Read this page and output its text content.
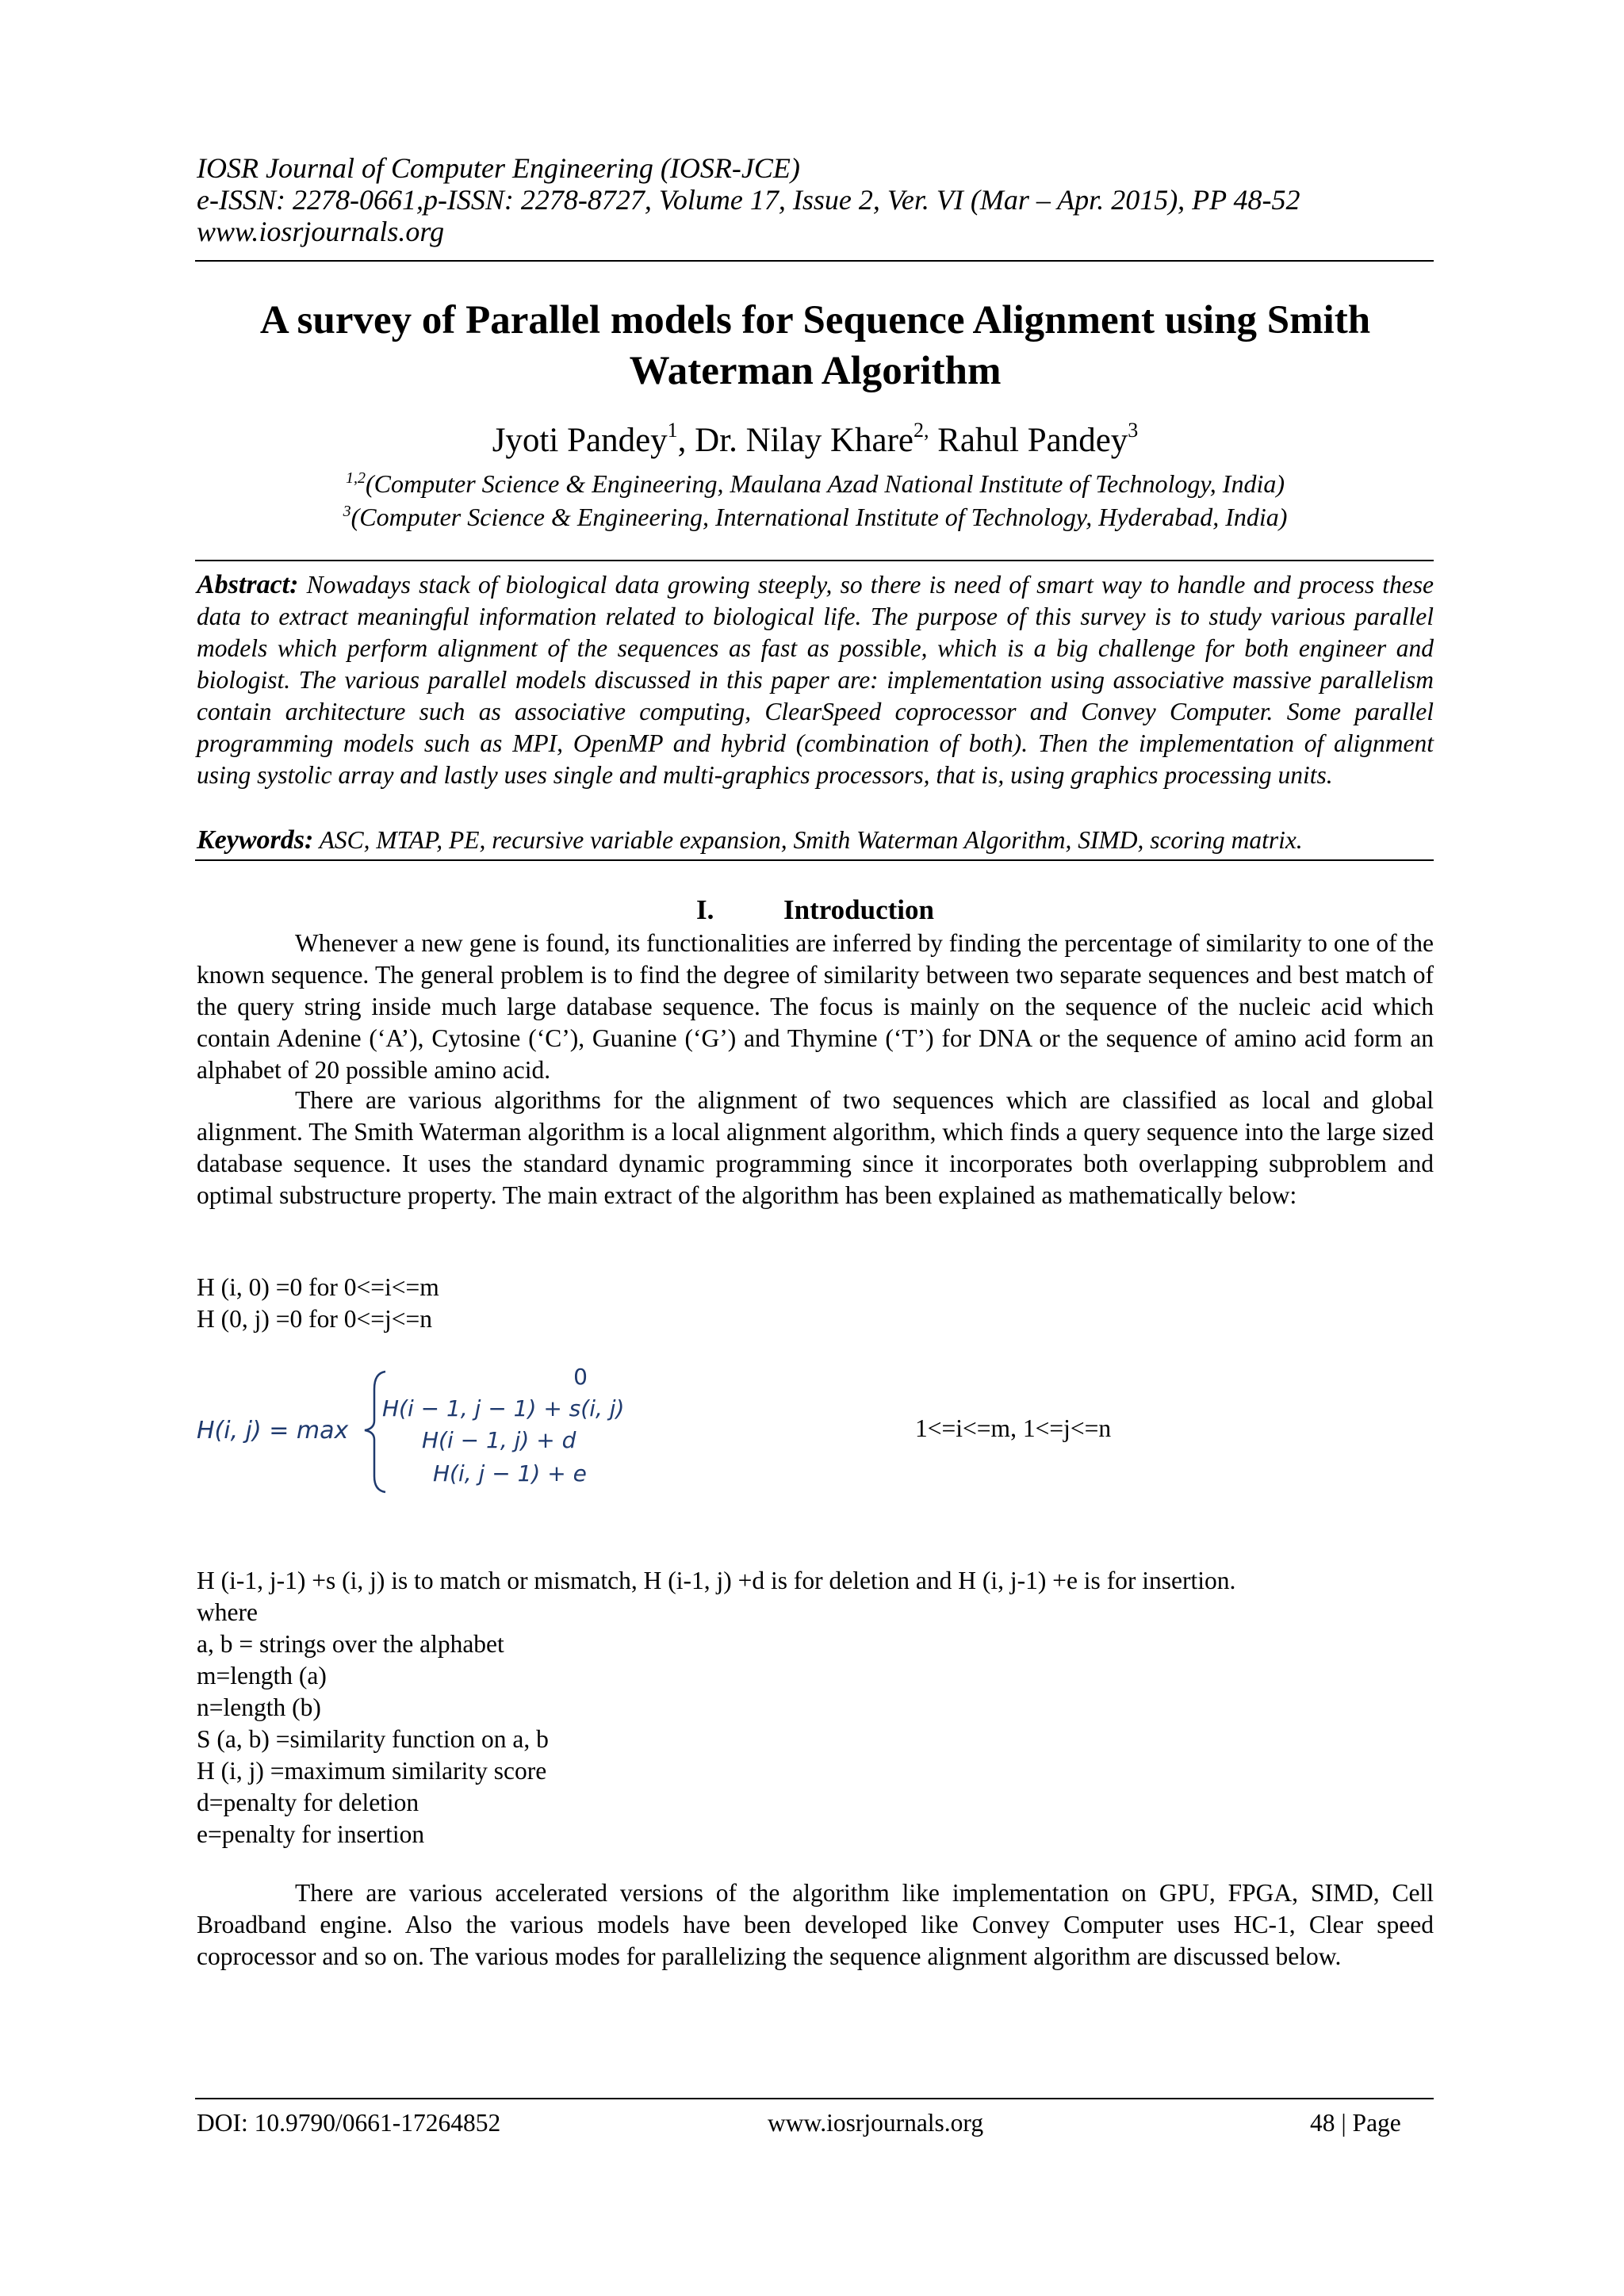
IOSR Journal of Computer Engineering (IOSR-JCE)
e-ISSN: 2278-0661,p-ISSN: 2278-8727, Volume 17, Issue 2, Ver. VI (Mar – Apr. 2015), PP 48-52
www.iosrjournals.org
A survey of Parallel models for Sequence Alignment using Smith
Waterman Algorithm
Jyoti Pandey$^1$, Dr. Nilay Khare$^{2,}$ Rahul Pandey$^3$
$^{1,2}$(Computer Science & Engineering, Maulana Azad National Institute of Technology, India)
$^3$(Computer Science & Engineering, International Institute of Technology, Hyderabad, India)
Abstract: Nowadays stack of biological data growing steeply, so there is need of smart way to handle and process these data to extract meaningful information related to biological life. The purpose of this survey is to study various parallel models which perform alignment of the sequences as fast as possible, which is a big challenge for both engineer and biologist. The various parallel models discussed in this paper are: implementation using associative massive parallelism contain architecture such as associative computing, ClearSpeed coprocessor and Convey Computer. Some parallel programming models such as MPI, OpenMP and hybrid (combination of both). Then the implementation of alignment using systolic array and lastly uses single and multi-graphics processors, that is, using graphics processing units.
Keywords: ASC, MTAP, PE, recursive variable expansion, Smith Waterman Algorithm, SIMD, scoring matrix.
I.	Introduction
Whenever a new gene is found, its functionalities are inferred by finding the percentage of similarity to one of the known sequence. The general problem is to find the degree of similarity between two separate sequences and best match of the query string inside much large database sequence. The focus is mainly on the sequence of the nucleic acid which contain Adenine (‘A’), Cytosine (‘C’), Guanine (‘G’) and Thymine (‘T’) for DNA or the sequence of amino acid form an alphabet of 20 possible amino acid.
There are various algorithms for the alignment of two sequences which are classified as local and global alignment. The Smith Waterman algorithm is a local alignment algorithm, which finds a query sequence into the large sized database sequence. It uses the standard dynamic programming since it incorporates both overlapping subproblem and optimal substructure property. The main extract of the algorithm has been explained as mathematically below:
H (i, 0) =0 for 0<=i<=m
H (0, j) =0 for 0<=j<=n
H(i, j) = max
0
H(i − 1, j − 1) + s(i, j)
H(i − 1, j) + d
H(i, j − 1) + e
1<=i<=m, 1<=j<=n
H (i-1, j-1) +s (i, j) is to match or mismatch, H (i-1, j) +d is for deletion and H (i, j-1) +e is for insertion.
where
a, b = strings over the alphabet
m=length (a)
n=length (b)
S (a, b) =similarity function on a, b
H (i, j) =maximum similarity score
d=penalty for deletion
e=penalty for insertion
There are various accelerated versions of the algorithm like implementation on GPU, FPGA, SIMD, Cell Broadband engine. Also the various models have been developed like Convey Computer uses HC-1, Clear speed coprocessor and so on. The various modes for parallelizing the sequence alignment algorithm are discussed below.
DOI: 10.9790/0661-17264852	www.iosrjournals.org	48 | Page
